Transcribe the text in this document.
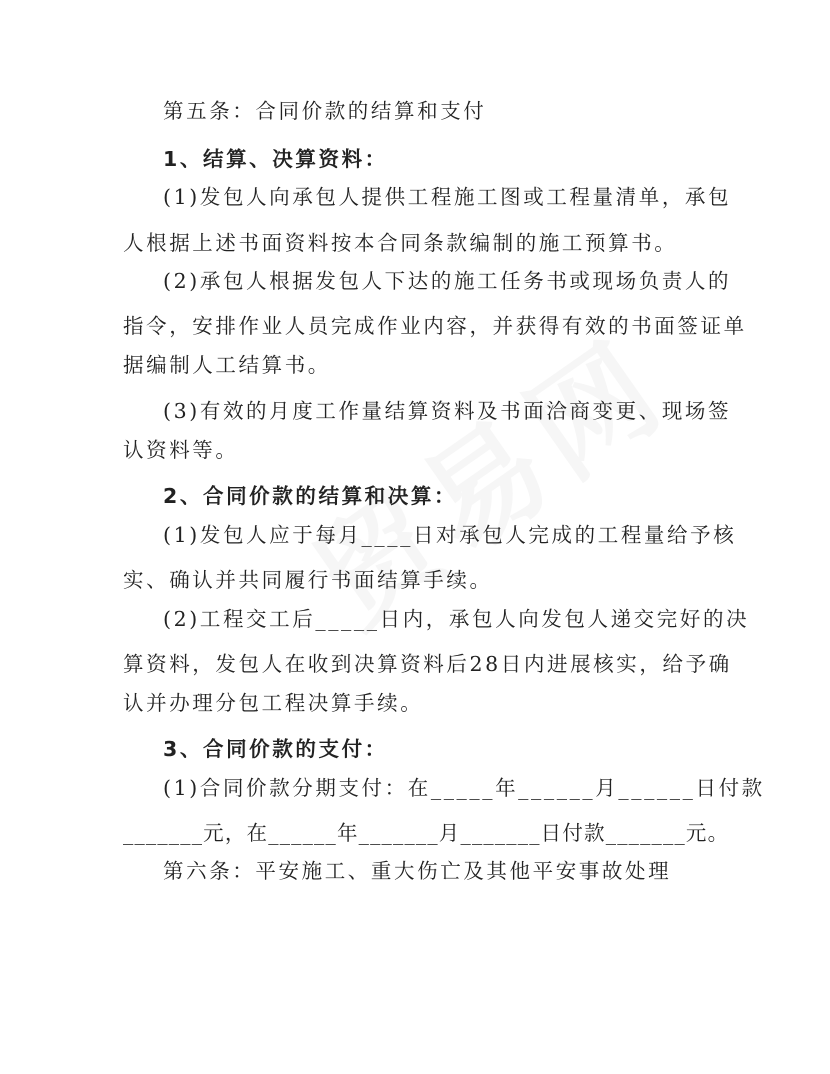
第五条：合同价款的结算和支付
1、结算、决算资料：
(1)发包人向承包人提供工程施工图或工程量清单，承包
人根据上述书面资料按本合同条款编制的施工预算书。
(2)承包人根据发包人下达的施工任务书或现场负责人的
指令，安排作业人员完成作业内容，并获得有效的书面签证单
据编制人工结算书。
(3)有效的月度工作量结算资料及书面洽商变更、现场签
认资料等。
2、合同价款的结算和决算：
(1)发包人应于每月____日对承包人完成的工程量给予核
实、确认并共同履行书面结算手续。
(2)工程交工后_____日内，承包人向发包人递交完好的决
算资料，发包人在收到决算资料后28日内进展核实，给予确
认并办理分包工程决算手续。
3、合同价款的支付：
(1)合同价款分期支付：在_____年______月______日付款
_______元，在______年_______月_______日付款_______元。
第六条：平安施工、重大伤亡及其他平安事故处理
